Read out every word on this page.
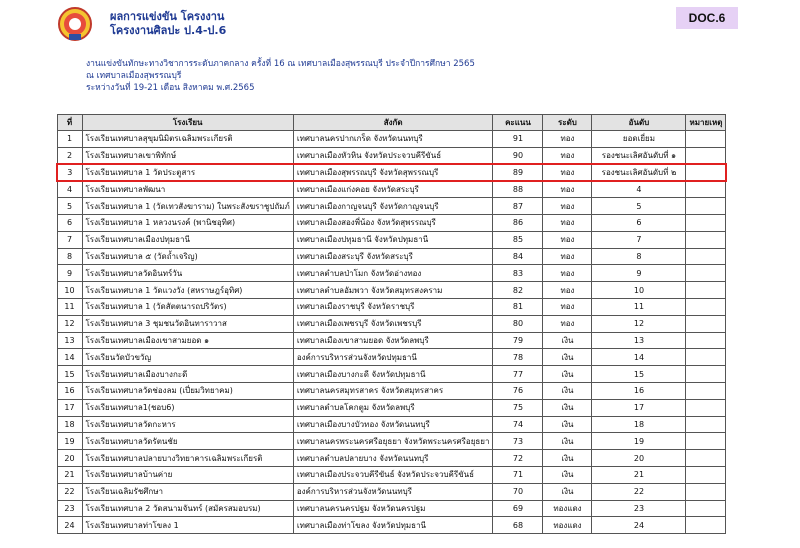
ผลการแข่งขัน โครงงาน
โครงงานศิลปะ ป.4-ป.6
DOC.6
งานแข่งขันทักษะทางวิชาการระดับภาคกลาง ครั้งที่ 16 ณ เทศบาลเมืองสุพรรณบุรี ประจำปีการศึกษา 2565
ณ เทศบาลเมืองสุพรรณบุรี
ระหว่างวันที่ 19-21 เดือน สิงหาคม พ.ศ.2565
ที่	โรงเรียน	สังกัด	คะแนน	ระดับ	อันดับ	หมายเหตุ
1	โรงเรียนเทศบาลสุขุมนิมิตรเฉลิมพระเกียรติ	เทศบาลนครปากเกร็ด จังหวัดนนทบุรี	91	ทอง	ยอดเยี่ยม	
2	โรงเรียนเทศบาลเขาพิทักษ์	เทศบาลเมืองหัวหิน จังหวัดประจวบคีรีขันธ์	90	ทอง	รองชนะเลิศอันดับที่ ๑	
3	โรงเรียนเทศบาล 1 วัดประตูสาร	เทศบาลเมืองสุพรรณบุรี จังหวัดสุพรรณบุรี	89	ทอง	รองชนะเลิศอันดับที่ ๒	
4	โรงเรียนเทศบาลพัฒนา	เทศบาลเมืองแก่งคอย จังหวัดสระบุรี	88	ทอง	4	
5	โรงเรียนเทศบาล 1 (วัดเทวสังฆาราม) ในพระสังฆราชูปถัมภ์	เทศบาลเมืองกาญจนบุรี จังหวัดกาญจนบุรี	87	ทอง	5	
6	โรงเรียนเทศบาล 1 หลวงนรงค์ (พานิชอุทิศ)	เทศบาลเมืองสองพี่น้อง จังหวัดสุพรรณบุรี	86	ทอง	6	
7	โรงเรียนเทศบาลเมืองปทุมธานี	เทศบาลเมืองปทุมธานี จังหวัดปทุมธานี	85	ทอง	7	
8	โรงเรียนเทศบาล ๕ (วัดถ้ำเจริญ)	เทศบาลเมืองสระบุรี จังหวัดสระบุรี	84	ทอง	8	
9	โรงเรียนเทศบาลวัดอินทร์วัน	เทศบาลตำบลป่าโมก จังหวัดอ่างทอง	83	ทอง	9	
10	โรงเรียนเทศบาล 1 วัดแวงวัง (สหราษฎร์อุทิศ)	เทศบาลตำบลอัมพวา จังหวัดสมุทรสงคราม	82	ทอง	10	
11	โรงเรียนเทศบาล 1 (วัดสัตตนารถปริวัตร)	เทศบาลเมืองราชบุรี จังหวัดราชบุรี	81	ทอง	11	
12	โรงเรียนเทศบาล 3 ชุมชนวัดอินทาราวาส	เทศบาลเมืองเพชรบุรี จังหวัดเพชรบุรี	80	ทอง	12	
13	โรงเรียนเทศบาลเมืองเขาสามยอด ๑	เทศบาลเมืองเขาสามยอด จังหวัดลพบุรี	79	เงิน	13	
14	โรงเรียนวัดบัวขวัญ	องค์การบริหารส่วนจังหวัดปทุมธานี	78	เงิน	14	
15	โรงเรียนเทศบาลเมืองบางกะดี	เทศบาลเมืองบางกะดี จังหวัดปทุมธานี	77	เงิน	15	
16	โรงเรียนเทศบาลวัดช่องลม (เปี่ยมวิทยาคม)	เทศบาลนครสมุทรสาคร จังหวัดสมุทรสาคร	76	เงิน	16	
17	โรงเรียนเทศบาล1(ชอบ6)	เทศบาลตำบลโคกตูม จังหวัดลพบุรี	75	เงิน	17	
18	โรงเรียนเทศบาลวัดกะหาร	เทศบาลเมืองบางบัวทอง จังหวัดนนทบุรี	74	เงิน	18	
19	โรงเรียนเทศบาลวัดรัตนชัย	เทศบาลนครพระนครศรีอยุธยา จังหวัดพระนครศรีอยุธยา	73	เงิน	19	
20	โรงเรียนเทศบาลปลายบางวิทยาคารเฉลิมพระเกียรติ	เทศบาลตำบลปลายบาง จังหวัดนนทบุรี	72	เงิน	20	
21	โรงเรียนเทศบาลบ้านค่าย	เทศบาลเมืองประจวบคีรีขันธ์ จังหวัดประจวบคีรีขันธ์	71	เงิน	21	
22	โรงเรียนเฉลิมรัชศึกษา	องค์การบริหารส่วนจังหวัดนนทบุรี	70	เงิน	22	
23	โรงเรียนเทศบาล 2 วัดสนามจันทร์ (สมัครสมอบรม)	เทศบาลนครนครปฐม จังหวัดนครปฐม	69	ทองแดง	23	
24	โรงเรียนเทศบาลท่าโขลง 1	เทศบาลเมืองท่าโขลง จังหวัดปทุมธานี	68	ทองแดง	24	
